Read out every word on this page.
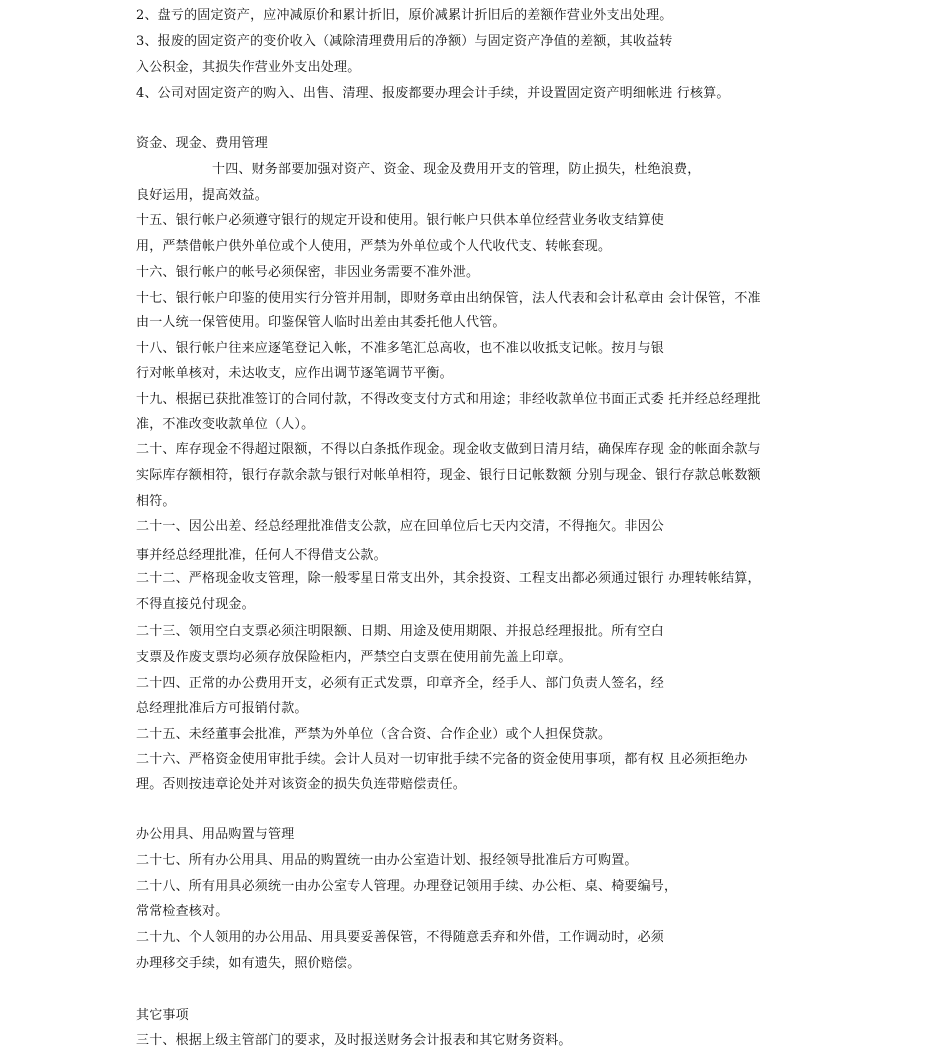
2、盘亏的固定资产，应冲减原价和累计折旧，原价减累计折旧后的差额作营业外支出处理。
3、报废的固定资产的变价收入（减除清理费用后的净额）与固定资产净值的差额，其收益转
入公积金，其损失作营业外支出处理。
4、公司对固定资产的购入、出售、清理、报废都要办理会计手续，并设置固定资产明细帐进 行核算。
资金、现金、费用管理
十四、财务部要加强对资产、资金、现金及费用开支的管理，防止损失，杜绝浪费，
良好运用，提高效益。
十五、银行帐户必须遵守银行的规定开设和使用。银行帐户只供本单位经营业务收支结算使
用，严禁借帐户供外单位或个人使用，严禁为外单位或个人代收代支、转帐套现。
十六、银行帐户的帐号必须保密，非因业务需要不准外泄。
十七、银行帐户印鉴的使用实行分管并用制，即财务章由出纳保管，法人代表和会计私章由 会计保管，不准
由一人统一保管使用。印鉴保管人临时出差由其委托他人代管。
十八、银行帐户往来应逐笔登记入帐，不准多笔汇总高收，也不准以收抵支记帐。按月与银
行对帐单核对，未达收支，应作出调节逐笔调节平衡。
十九、根据已获批准签订的合同付款，不得改变支付方式和用途；非经收款单位书面正式委 托并经总经理批
准，不准改变收款单位（人）。
二十、库存现金不得超过限额，不得以白条抵作现金。现金收支做到日清月结，确保库存现 金的帐面余款与
实际库存额相符，银行存款余款与银行对帐单相符，现金、银行日记帐数额 分别与现金、银行存款总帐数额
相符。
二十一、因公出差、经总经理批准借支公款，应在回单位后七天内交清，不得拖欠。非因公
事并经总经理批准，任何人不得借支公款。
二十二、严格现金收支管理，除一般零星日常支出外，其余投资、工程支出都必须通过银行 办理转帐结算，
不得直接兑付现金。
二十三、领用空白支票必须注明限额、日期、用途及使用期限、并报总经理报批。所有空白
支票及作废支票均必须存放保险柜内，严禁空白支票在使用前先盖上印章。
二十四、正常的办公费用开支，必须有正式发票，印章齐全，经手人、部门负责人签名，经
总经理批准后方可报销付款。
二十五、未经董事会批准，严禁为外单位（含合资、合作企业）或个人担保贷款。
二十六、严格资金使用审批手续。会计人员对一切审批手续不完备的资金使用事项，都有权 且必须拒绝办
理。否则按违章论处并对该资金的损失负连带赔偿责任。
办公用具、用品购置与管理
二十七、所有办公用具、用品的购置统一由办公室造计划、报经领导批准后方可购置。
二十八、所有用具必须统一由办公室专人管理。办理登记领用手续、办公柜、桌、椅要编号，
常常检查核对。
二十九、个人领用的办公用品、用具要妥善保管，不得随意丢弃和外借，工作调动时，必须
办理移交手续，如有遗失，照价赔偿。
其它事项
三十、根据上级主管部门的要求，及时报送财务会计报表和其它财务资料。
